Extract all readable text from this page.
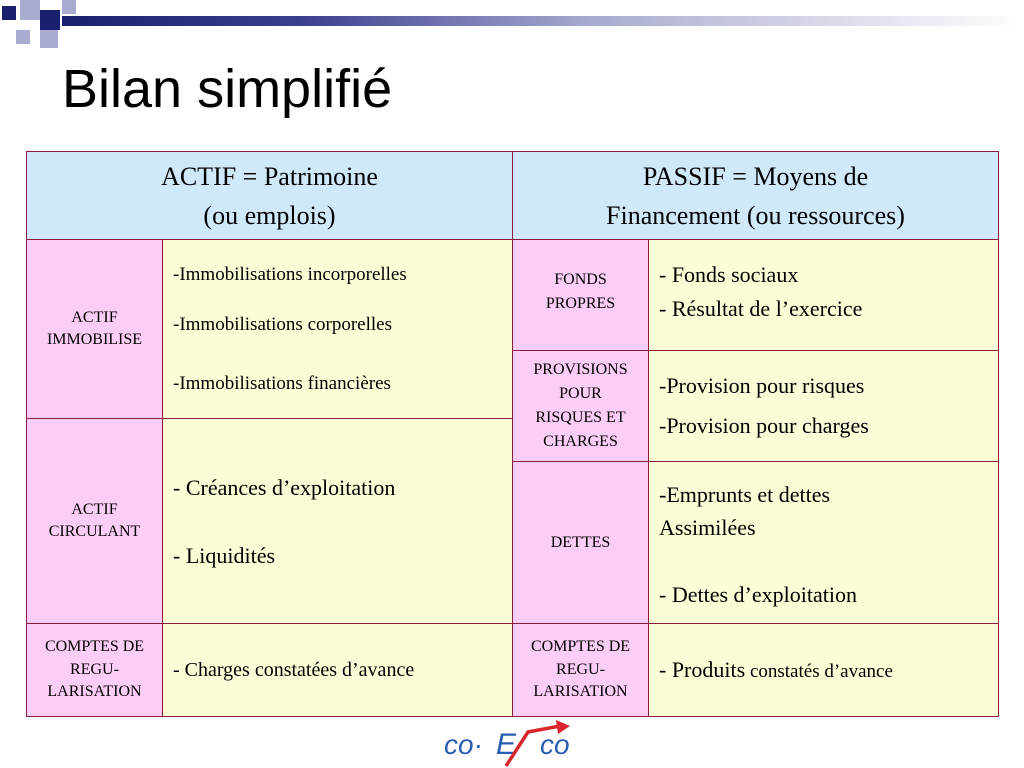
Bilan simplifié
ACTIF = Patrimoine
(ou emplois)
PASSIF = Moyens de
Financement (ou ressources)
ACTIF
IMMOBILISE
-Immobilisations incorporelles
-Immobilisations corporelles
-Immobilisations financières
ACTIF
CIRCULANT
- Créances d’exploitation
- Liquidités
COMPTES DE
REGU-
LARISATION
- Charges constatées d’avance
FONDS
PROPRES
- Fonds sociaux
- Résultat de l’exercice
PROVISIONS
POUR
RISQUES ET
CHARGES
-Provision pour risques
-Provision pour charges
DETTES
-Emprunts et dettes
Assimilées
- Dettes d’exploitation
COMPTES DE
REGU-
LARISATION
- Produits constatés d’avance
co· E co
